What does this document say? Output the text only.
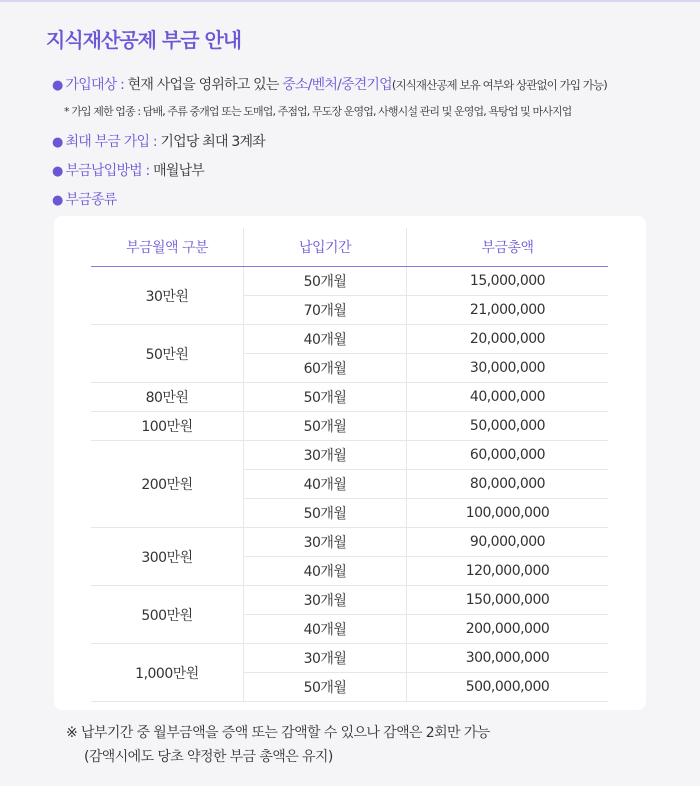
지식재산공제 부금 안내
● 가입대상 : 현재 사업을 영위하고 있는 중소/벤처/중견기업(지식재산공제 보유 여부와 상관없이 가입 가능)
* 가입 제한 업종 : 담배, 주류 중개업 또는 도매업, 주점업, 무도장 운영업, 사행시설 관리 및 운영업, 욕탕업 및 마사지업
● 최대 부금 가입 : 기업당 최대 3계좌
● 부금납입방법 : 매월납부
● 부금종류
부금월액 구분	납입기간	부금총액
30만원	50개월	15,000,000
	70개월	21,000,000
50만원	40개월	20,000,000
	60개월	30,000,000
80만원	50개월	40,000,000
100만원	50개월	50,000,000
200만원	30개월	60,000,000
	40개월	80,000,000
	50개월	100,000,000
300만원	30개월	90,000,000
	40개월	120,000,000
500만원	30개월	150,000,000
	40개월	200,000,000
1,000만원	30개월	300,000,000
	50개월	500,000,000
※ 납부기간 중 월부금액을 증액 또는 감액할 수 있으나 감액은 2회만 가능
(감액시에도 당초 약정한 부금 총액은 유지)
